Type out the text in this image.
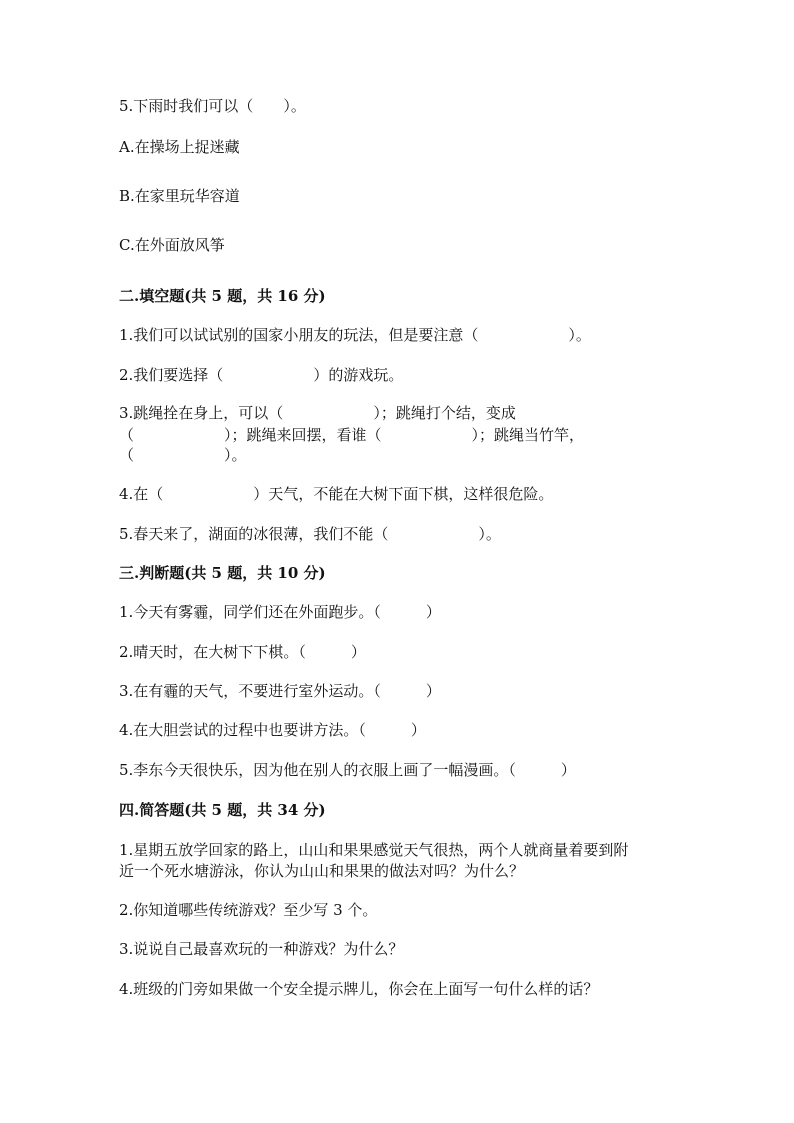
5.下雨时我们可以（　　）。

A.在操场上捉迷藏

B.在家里玩华容道

C.在外面放风筝

二.填空题(共 5 题，共 16 分)

1.我们可以试试别的国家小朋友的玩法，但是要注意（　　　　　　）。

2.我们要选择（　　　　　　）的游戏玩。

3.跳绳拴在身上，可以（　　　　　　）；跳绳打个结，变成

（　　　　　　）；跳绳来回摆，看谁（　　　　　　）；跳绳当竹竿，

（　　　　　　）。

4.在（　　　　　　）天气，不能在大树下面下棋，这样很危险。

5.春天来了，湖面的冰很薄，我们不能（　　　　　　）。

三.判断题(共 5 题，共 10 分)

1.今天有雾霾，同学们还在外面跑步。（　　　）

2.晴天时，在大树下下棋。（　　　）

3.在有霾的天气，不要进行室外运动。（　　　）

4.在大胆尝试的过程中也要讲方法。（　　　）

5.李东今天很快乐，因为他在别人的衣服上画了一幅漫画。（　　　）

四.简答题(共 5 题，共 34 分)

1.星期五放学回家的路上，山山和果果感觉天气很热，两个人就商量着要到附

近一个死水塘游泳，你认为山山和果果的做法对吗？为什么？

2.你知道哪些传统游戏？至少写 3 个。

3.说说自己最喜欢玩的一种游戏？为什么？

4.班级的门旁如果做一个安全提示牌儿，你会在上面写一句什么样的话？
